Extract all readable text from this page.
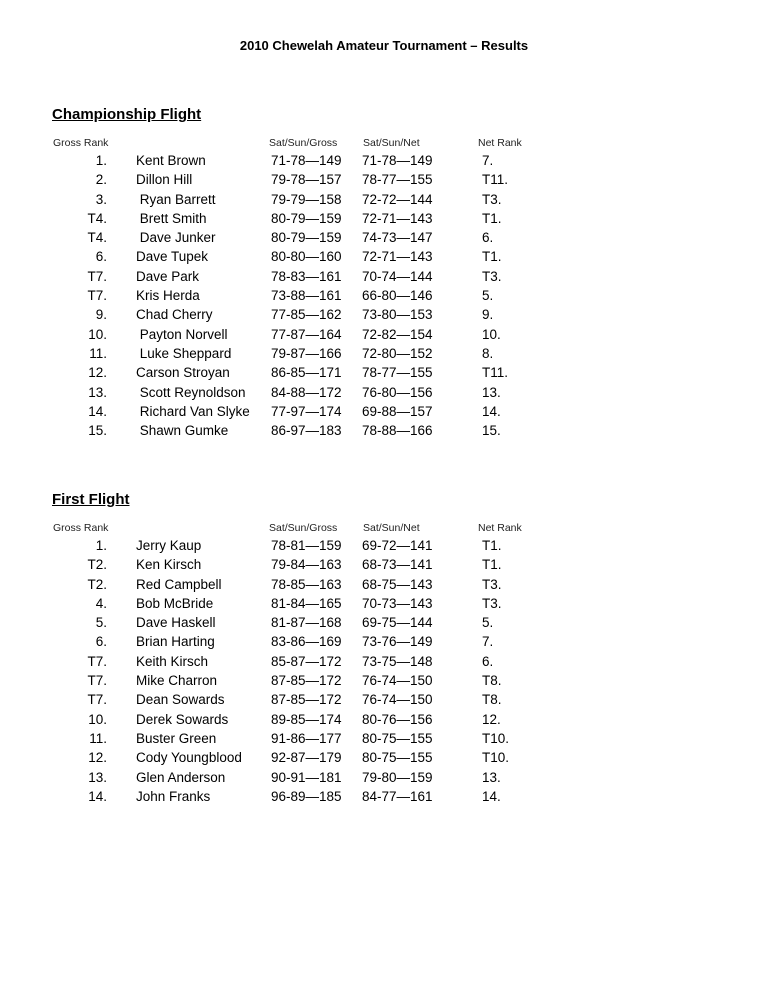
2010 Chewelah Amateur Tournament – Results
Championship Flight
Gross Rank	Sat/Sun/Gross Sat/Sun/Net	Net Rank
1. Kent Brown	71-78—149 71-78—149	7.
2. Dillon Hill	79-78—157 78-77—155	T11.
3. Ryan Barrett	79-79—158 72-72—144	T3.
T4. Brett Smith	80-79—159 72-71—143	T1.
T4. Dave Junker	80-79—159 74-73—147	6.
6. Dave Tupek	80-80—160 72-71—143	T1.
T7. Dave Park	78-83—161 70-74—144	T3.
T7. Kris Herda	73-88—161 66-80—146	5.
9. Chad Cherry	77-85—162 73-80—153	9.
10. Payton Norvell	77-87—164 72-82—154	10.
11. Luke Sheppard	79-87—166 72-80—152	8.
12. Carson Stroyan	86-85—171 78-77—155	T11.
13. Scott Reynoldson 84-88—172 76-80—156	13.
14. Richard Van Slyke 77-97—174 69-88—157	14.
15. Shawn Gumke	86-97—183 78-88—166	15.
First Flight
Gross Rank	Sat/Sun/Gross Sat/Sun/Net	Net Rank
1. Jerry Kaup	78-81—159 69-72—141	T1.
T2. Ken Kirsch	79-84—163 68-73—141	T1.
T2. Red Campbell	78-85—163 68-75—143	T3.
4. Bob McBride	81-84—165 70-73—143	T3.
5. Dave Haskell	81-87—168 69-75—144	5.
6. Brian Harting	83-86—169 73-76—149	7.
T7. Keith Kirsch	85-87—172 73-75—148	6.
T7. Mike Charron	87-85—172 76-74—150	T8.
T7. Dean Sowards	87-85—172 76-74—150	T8.
10. Derek Sowards	89-85—174 80-76—156	12.
11. Buster Green	91-86—177 80-75—155	T10.
12. Cody Youngblood 92-87—179 80-75—155	T10.
13. Glen Anderson	90-91—181 79-80—159	13.
14. John Franks	96-89—185 84-77—161	14.
